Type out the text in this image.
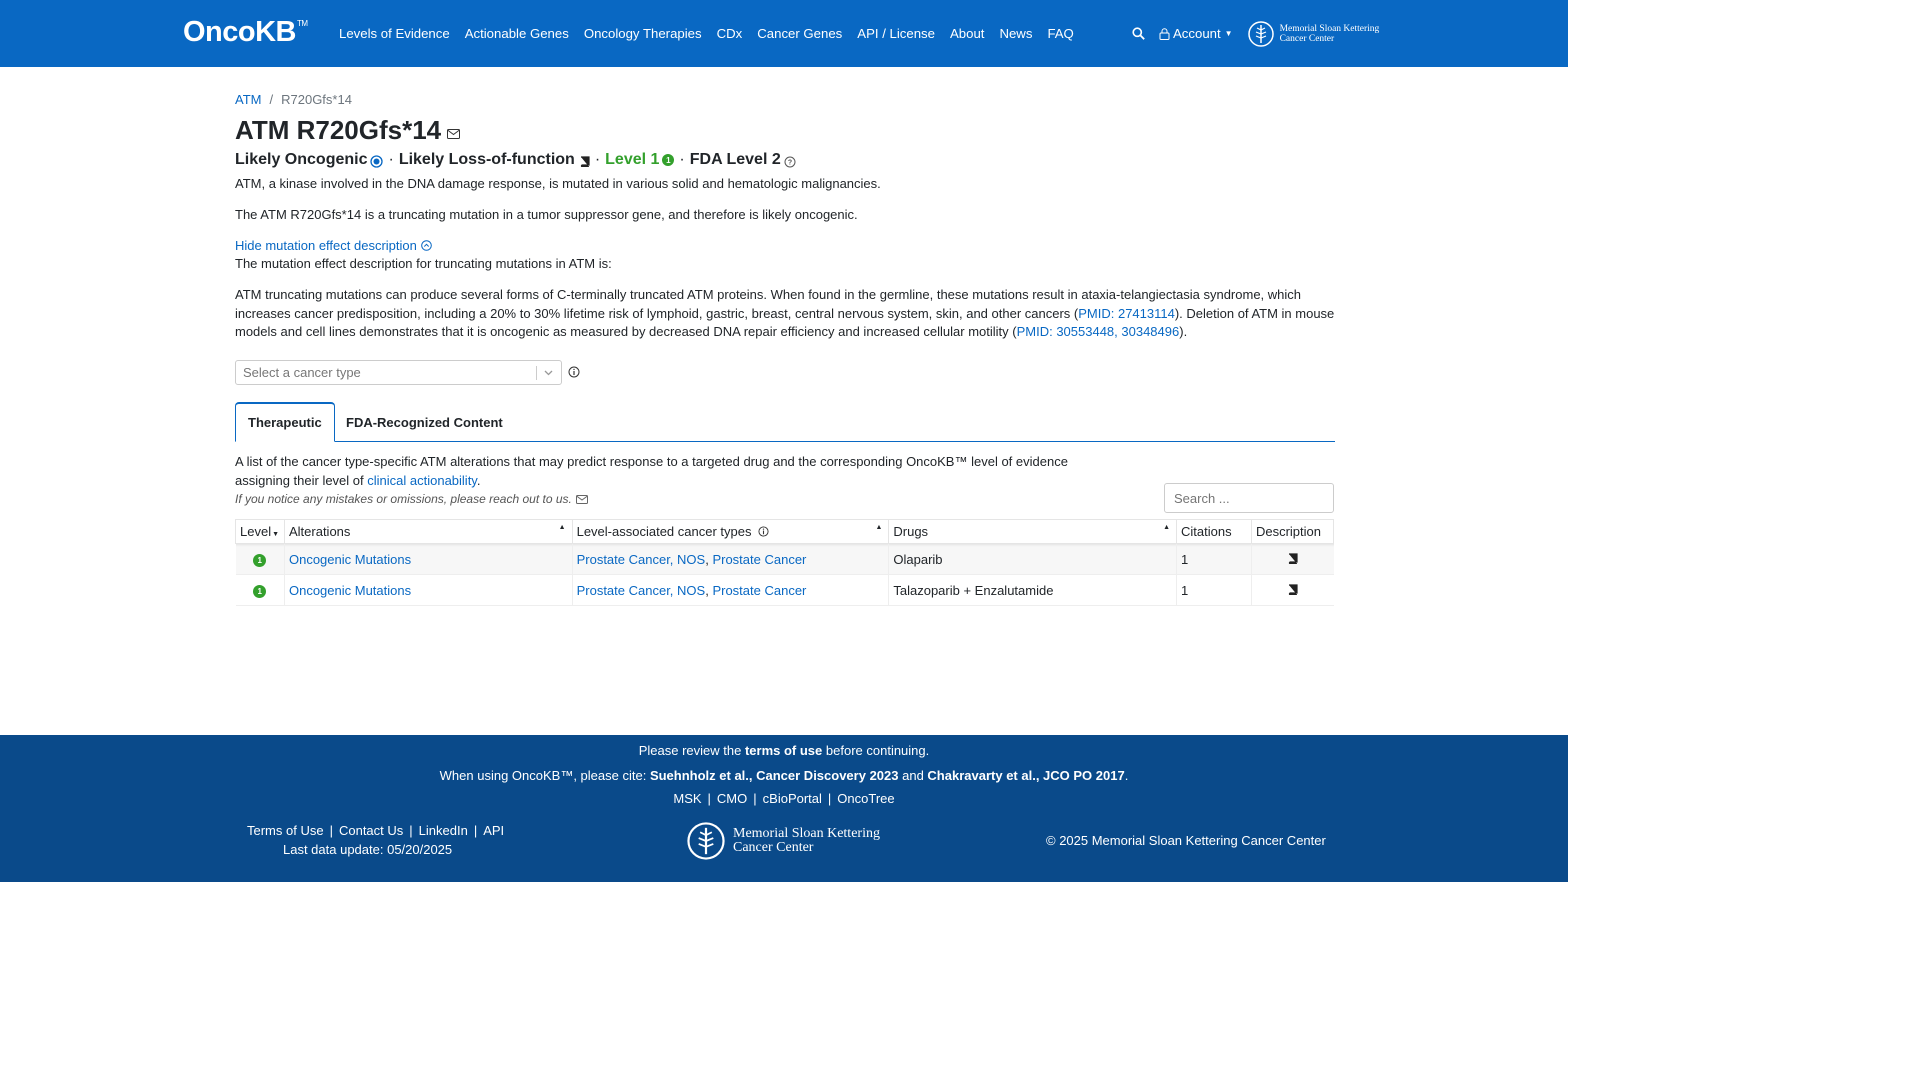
OncoKB™
Levels of Evidence Actionable Genes Oncology Therapies CDx Cancer Genes API / License About News FAQ	Account ▼	Memorial Sloan Kettering
Cancer Center
ATM / R720Gfs*14
ATM R720Gfs*14
Likely Oncogenic · Likely Loss-of-function · Level 1 1 · FDA Level 2 ?
ATM, a kinase involved in the DNA damage response, is mutated in various solid and hematologic malignancies.
The ATM R720Gfs*14 is a truncating mutation in a tumor suppressor gene, and therefore is likely oncogenic.
Hide mutation effect description
The mutation effect description for truncating mutations in ATM is:
ATM truncating mutations can produce several forms of C-terminally truncated ATM proteins. When found in the germline, these mutations result in ataxia-telangiectasia syndrome, which increases cancer predisposition, including a 20% to 30% lifetime risk of lymphoid, gastric, breast, central nervous system, skin, and other cancers (PMID: 27413114). Deletion of ATM in mouse models and cell lines demonstrates that it is oncogenic as measured by decreased DNA repair efficiency and increased cellular motility (PMID: 30553448, 30348496).
Select a cancer type
Therapeutic	FDA-Recognized Content
A list of the cancer type-specific ATM alterations that may predict response to a targeted drug and the corresponding OncoKB™ level of evidence assigning their level of clinical actionability.
If you notice any mistakes or omissions, please reach out to us.
Search ...
Level▼	Alterations ▲	Level-associated cancer types ▲	Drugs ▲	Citations	Description
1	Oncogenic Mutations	Prostate Cancer, NOS, Prostate Cancer	Olaparib	1	
1	Oncogenic Mutations	Prostate Cancer, NOS, Prostate Cancer	Talazoparib + Enzalutamide	1	
Please review the terms of use before continuing.
When using OncoKB™, please cite: Suehnholz et al., Cancer Discovery 2023 and Chakravarty et al., JCO PO 2017.
MSK | CMO | cBioPortal | OncoTree
Terms of Use | Contact Us | LinkedIn | API
Last data update: 05/20/2025
Memorial Sloan Kettering
Cancer Center	© 2025 Memorial Sloan Kettering Cancer Center
